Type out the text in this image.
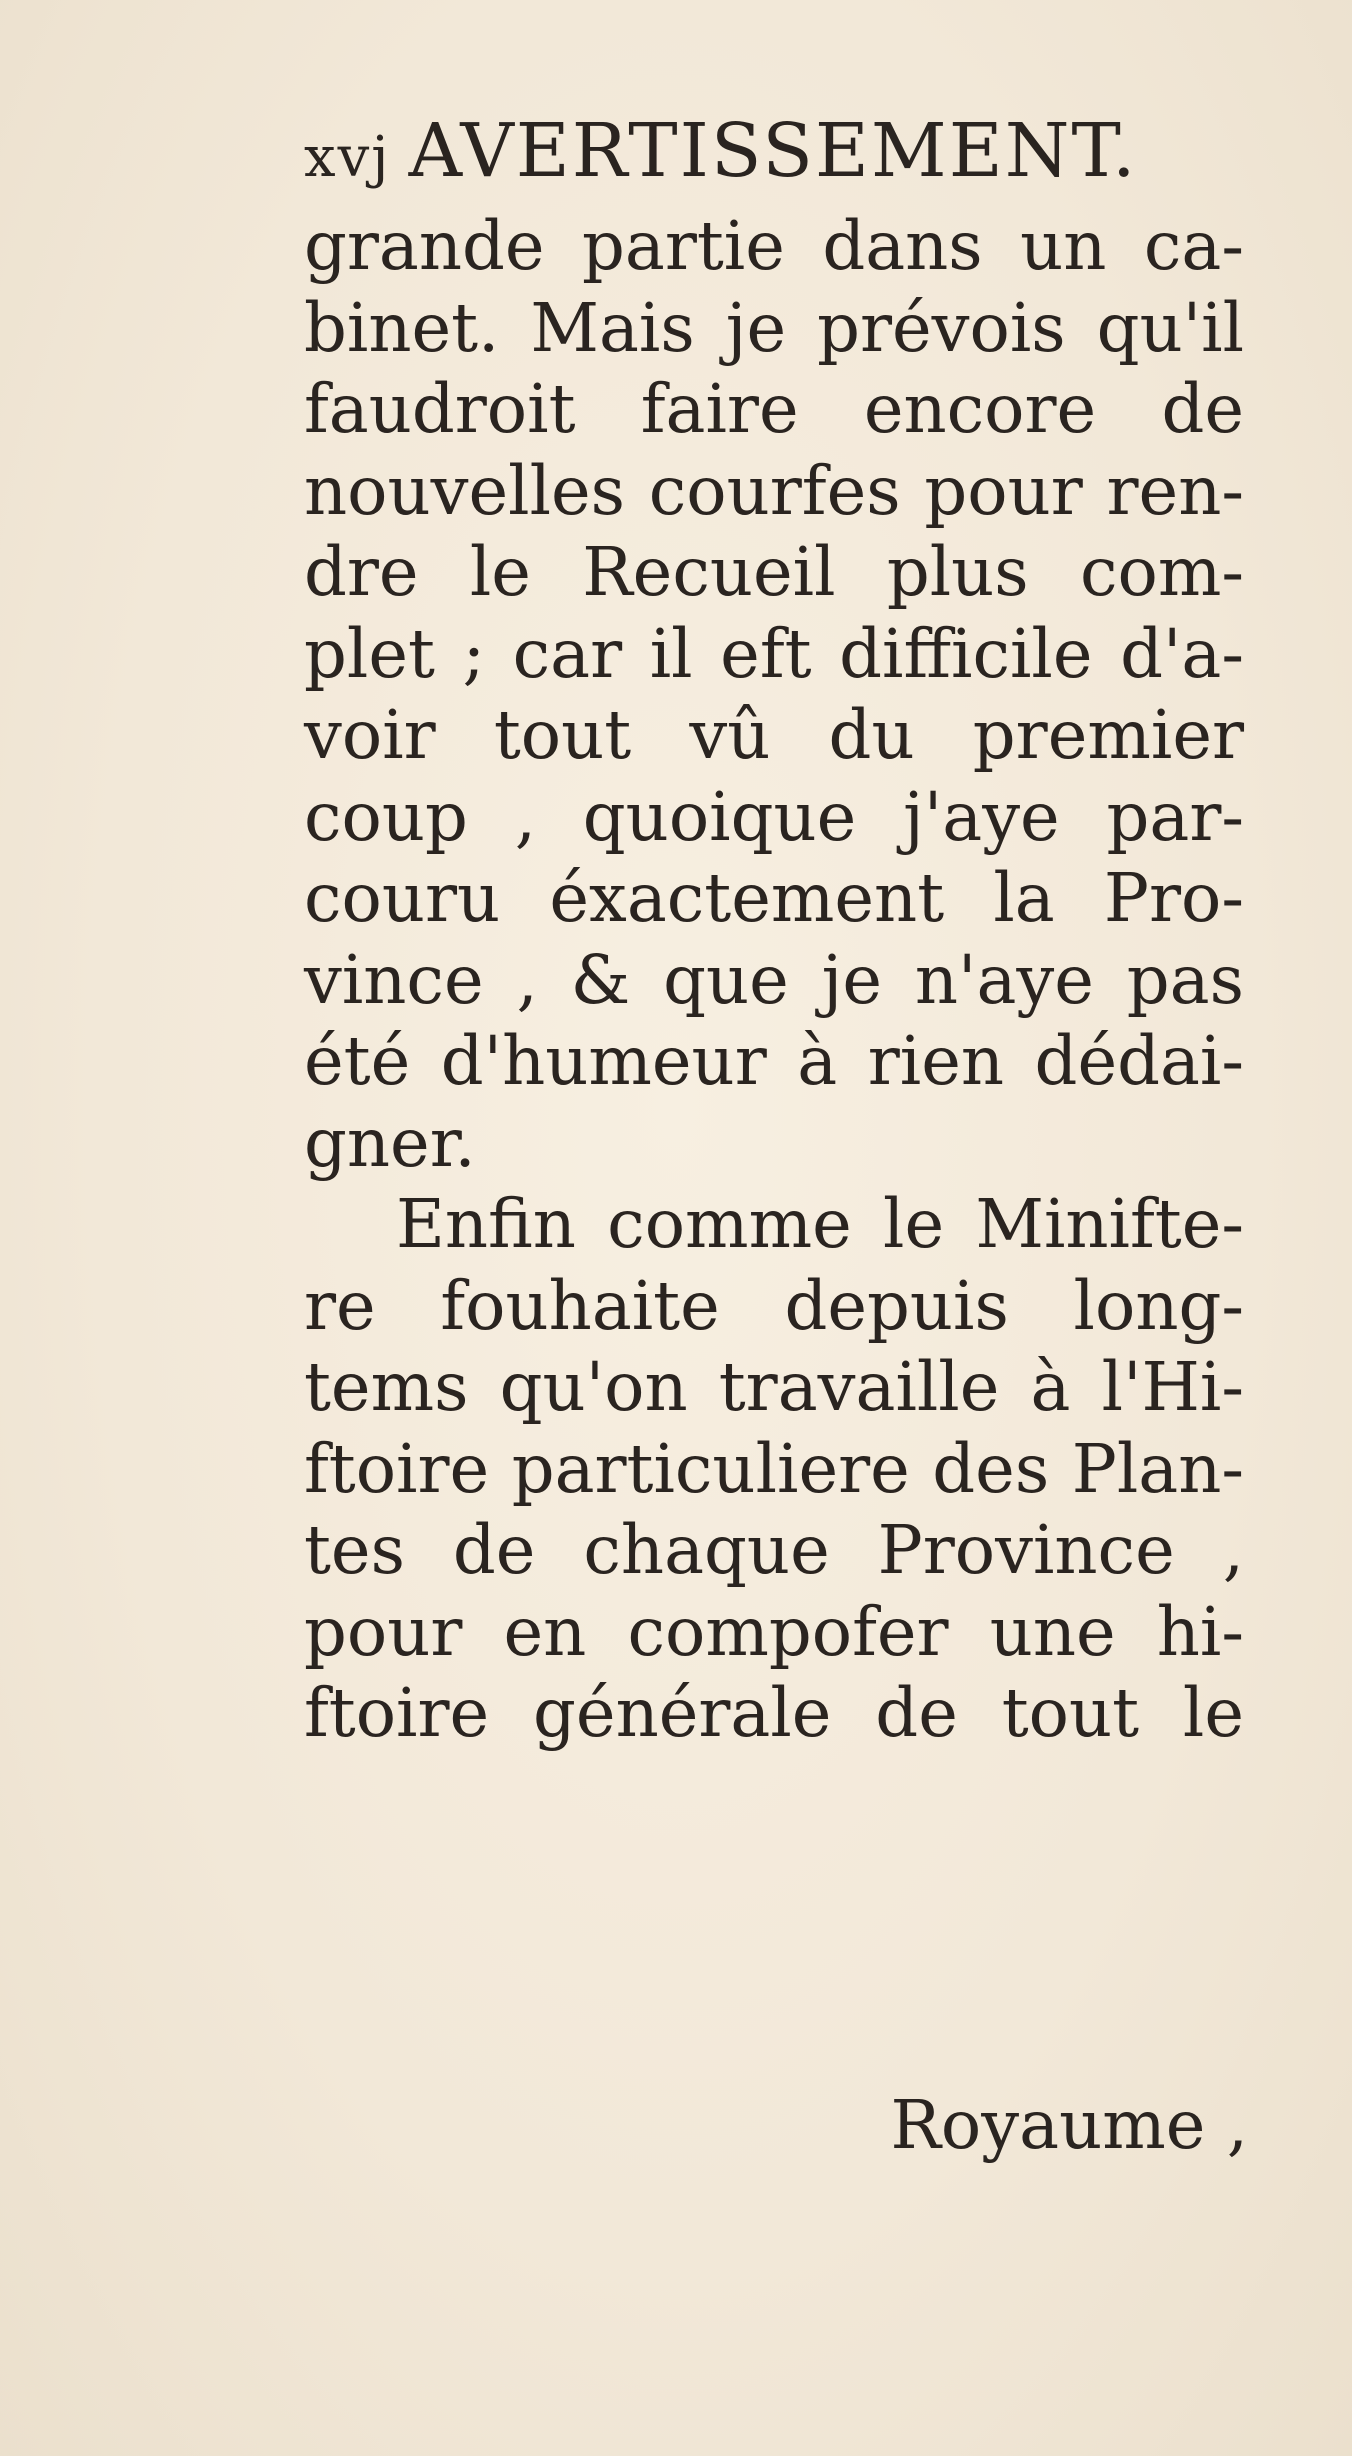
xvj AVERTISSEMENT.
grande partie dans un ca-
binet. Mais je prévois qu'il
faudroit faire encore de
nouvelles courfes pour ren-
dre le Recueil plus com-
plet ; car il eft difficile d'a-
voir tout vû du premier
coup , quoique j'aye par-
couru éxactement la Pro-
vince , & que je n'aye pas
été d'humeur à rien dédai-
gner.
Enfin comme le Minifte-
re fouhaite depuis long-
tems qu'on travaille à l'Hi-
ftoire particuliere des Plan-
tes de chaque Province ,
pour en compofer une hi-
ftoire générale de tout le
Royaume ,
